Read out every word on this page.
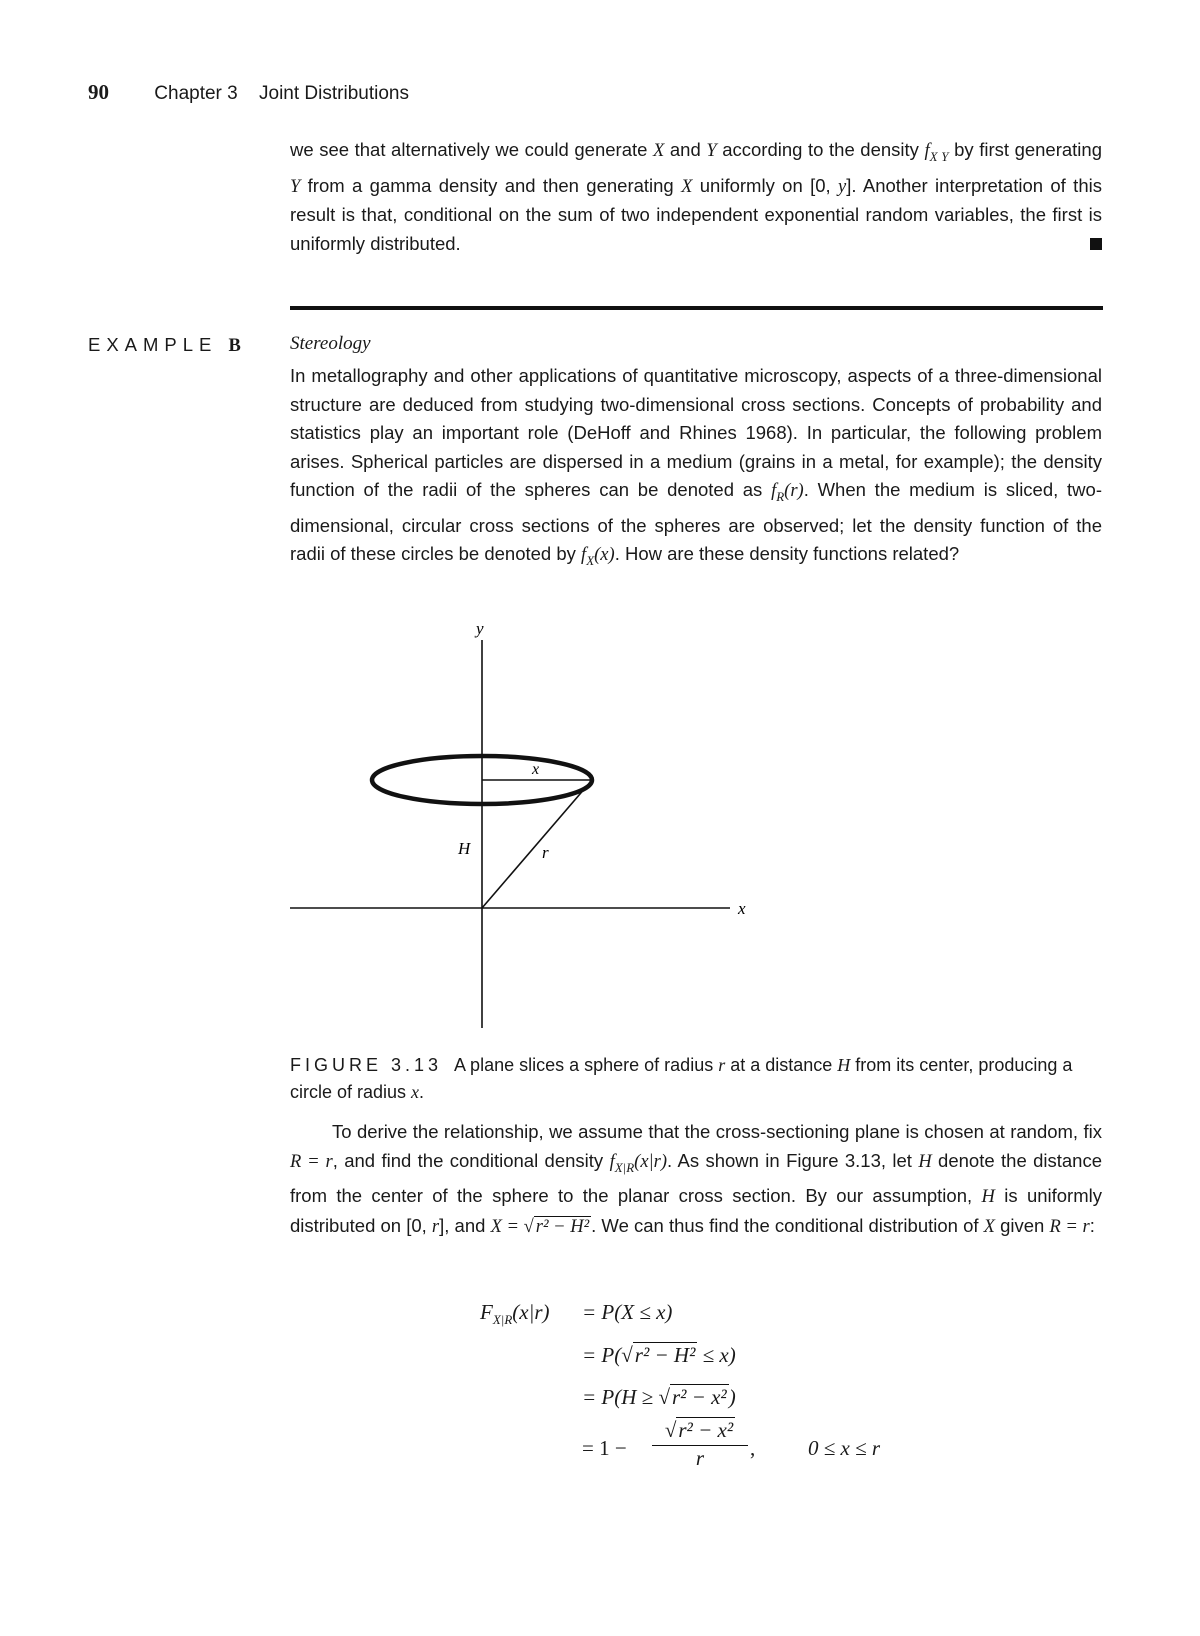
90 Chapter 3 Joint Distributions
we see that alternatively we could generate X and Y according to the density $f_{X Y}$ by first generating Y from a gamma density and then generating X uniformly on [0, y]. Another interpretation of this result is that, conditional on the sum of two independent exponential random variables, the first is uniformly distributed.
EXAMPLE B	Stereology
In metallography and other applications of quantitative microscopy, aspects of a three-dimensional structure are deduced from studying two-dimensional cross sections. Concepts of probability and statistics play an important role (DeHoff and Rhines 1968). In particular, the following problem arises. Spherical particles are dispersed in a medium (grains in a metal, for example); the density function of the radii of the spheres can be denoted as $f_R(r)$. When the medium is sliced, two-dimensional, circular cross sections of the spheres are observed; let the density function of the radii of these circles be denoted by $f_X(x)$. How are these density functions related?
y
x
x
H	r
FIGURE 3.13 A plane slices a sphere of radius r at a distance H from its center, producing a circle of radius x.
To derive the relationship, we assume that the cross-sectioning plane is chosen at random, fix R = r, and find the conditional density $f_{X|R}(x|r)$. As shown in Figure 3.13, let H denote the distance from the center of the sphere to the planar cross section. By our assumption, H is uniformly distributed on [0, r], and X = √ r² − H² . We can thus find the conditional distribution of X given R = r:
$F_{X|R}(x|r) = P(X \le x)$
= P(√r² − H² ≤ x)
= P(H ≥ √r² − x²)
= $1 - \frac{\text{√r² − x²}}{r}$ ,	0 ≤ x ≤ r
